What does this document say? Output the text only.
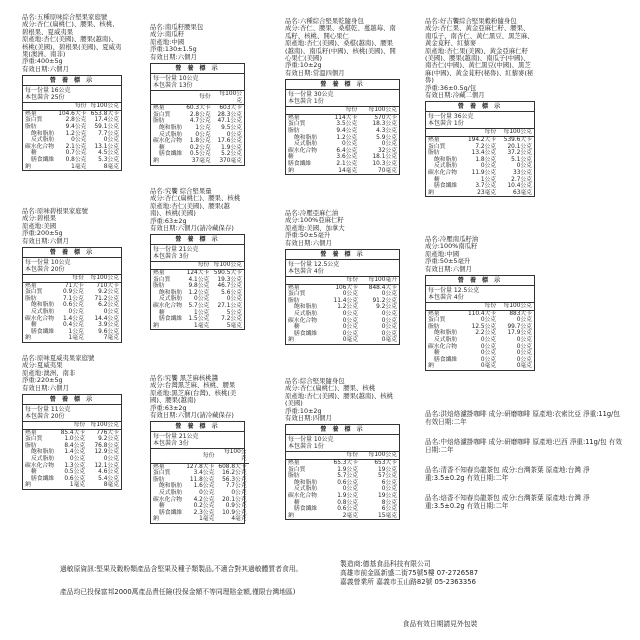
品名:五種原味綜合堅果家庭號
成分:杏仁(扁桃仁)、腰果、核桃、碧根果、夏威夷果
原產地:杏仁(美國)、腰果(越南)、核桃(美國)、碧根果(美國)、夏威夷果(澳洲、南非)
淨重:400±5g
有效日期:六個月
營 養 標 示
每一份量 16公克
本包裝含 25份
	每份	每100公克
熱量	104.6大卡	653.8大卡
蛋白質	2.8公克	17.4公克
脂肪	9.4公克	59.1公克
飽和脂肪	1.2公克	7.7公克
反式脂肪	0公克	0公克
碳水化合物	2.1公克	13.1公克
糖	0.7公克	4.5公克
膳食纖維	0.8公克	5.3公克
鈉	1毫克	8毫克
品名:南瓜籽腰果包
成分:南瓜籽
原產地:中國
淨重:130±1.5g
有效日期:六個月
營 養 標 示
每一份量 10公克
本包裝含 13份
	每份	每100公克
熱量	60.3大卡	603大卡
蛋白質	2.8公克	28.3公克
脂肪	4.7公克	47.1公克
飽和脂肪	1公克	9.5公克
反式脂肪	0公克	0公克
碳水化合物	1.8公克	17.6公克
糖	0.2公克	1.9公克
膳食纖維	0.5公克	5.2公克
鈉	37毫克	370毫克
品名:六種綜合堅果乾隨身包
成分:杏仁、腰果、桑椹乾、蔓越莓、南瓜籽、核桃、開心果仁
原產地:杏仁(美國)、桑椹(越南)、腰果(越南)、南瓜籽(中國)、核桃(美國)、開心果仁(美國)
淨重:10±2g
有效日期:常溫四個月
營 養 標 示
每一份量 30公克
本包裝含 1份
	每份	每100公克
熱量	114大卡	570大卡
蛋白質	3.5公克	18.3公克
脂肪	9.4公克	4.3公克
飽和脂肪	1.2公克	5.9公克
反式脂肪	0公克	0公克
碳水化合物	6.4公克	32公克
糖	3.6公克	18.1公克
膳食纖維	2.1公克	10.3公克
鈉	14毫克	70毫克
品名:好吉饗綜合堅果穀粉隨身包
成分:杏仁果、黃金亞麻仁籽、腰果、南瓜子、南杏仁、黃仁黑豆、黑芝麻、黃金莧籽、紅藜麥
原產地:杏仁果(美國)、黃金亞麻仁籽(美國)、腰果(越南)、南瓜子(中國)、南杏仁(中國)、黃仁黑豆(中國)、黑芝麻(中國)、黃金莧籽(秘魯)、紅藜麥(秘魯)
淨重:36±0.5g/包
有效日期:冷藏二個月
營 養 標 示
每一份量 36公克
本包裝含 1份
	每份	每100公克
熱量	194.2大卡	539.6大卡
蛋白質	7.2公克	20.1公克
脂肪	13.4公克	37.2公克
飽和脂肪	1.8公克	5.1公克
反式脂肪	0公克	0公克
碳水化合物	11.9公克	33公克
糖	1公克	2.7公克
膳食纖維	3.7公克	10.4公克
鈉	23毫克	63毫克
品名:原味碧根果家庭號
成分:碧根果
原產地:美國
淨重:200±5g
有效日期:六個月
營 養 標 示
每一份量 10公克
本包裝含 20份
	每份	每100公克
熱量	71大卡	710大卡
蛋白質	0.9公克	9.2公克
脂肪	7.1公克	71.2公克
飽和脂肪	0.6公克	6.2公克
反式脂肪	0公克	0公克
碳水化合物	1.4公克	14.4公克
糖	0.4公克	3.9公克
膳食纖維	1公克	9.6公克
鈉	1毫克	7毫克
品名:究饗 綜合堅果量
成分:杏仁(扁桃仁)、腰果、核桃
原產地:杏仁(美國)、腰果(越南)、核桃(美國)
淨重:63±2g
有效日期:六個月(請冷藏保存)
營 養 標 示
每一份量 21公克
本包裝含 3份
	每份	每100公克
熱量	124大卡	590.5大卡
蛋白質	4.1公克	19.3公克
脂肪	9.8公克	46.7公克
飽和脂肪	1.2公克	5.6公克
反式脂肪	0公克	0公克
碳水化合物	5.7公克	27.1公克
糖	1公克	5公克
膳食纖維	1.5公克	7.2公克
鈉	1毫克	5毫克
品名:冷壓亞麻仁油
成分:100%亞麻仁籽
原產地:美國、加拿大
淨重:50±5毫升
有效日期:六個月
營 養 標 示
每一份量 12.5公克
本包裝含 4份
	每份	每100毫升
熱量	106大卡	848.4大卡
蛋白質	0公克	0公克
脂肪	11.4公克	91.2公克
飽和脂肪	1.2公克	9.2公克
反式脂肪	0公克	0公克
碳水化合物	0公克	0公克
糖	0公克	0公克
膳食纖維	0公克	0公克
鈉	0毫克	0毫克
品名:冷壓南瓜籽油
成分:100%南瓜籽
原產地:中國
淨重:50±5毫升
有效日期:六個月
營 養 標 示
每一份量 12.5公克
本包裝含 4份
	每份	每100公克
熱量	110.4大卡	883大卡
蛋白質	0公克	0公克
脂肪	12.5公克	99.7公克
飽和脂肪	2.2公克	17.9公克
反式脂肪	0公克	0公克
碳水化合物	0公克	0公克
糖	0公克	0公克
膳食纖維	0公克	0公克
鈉	0毫克	0毫克
品名:原味夏威夷果家庭號
成分:夏威夷果
原產地:澳洲、南非
淨重:220±5g
有效日期:六個月
營 養 標 示
每一份量 11公克
本包裝含 20份
	每份	每100公克
熱量	85.4大卡	776大卡
蛋白質	1.0公克	9.2公克
脂肪	8.4公克	76.8公克
飽和脂肪	1.4公克	12.9公克
反式脂肪	0公克	0公克
碳水化合物	1.3公克	12.1公克
糖	0.5公克	4.6公克
膳食纖維	0.6公克	5.4公克
鈉	1毫克	8毫克
品名:究饗 黑芝麻核桃醬
成分:台灣黑芝麻、核桃、腰果
原產地:黑芝麻(台灣)、核桃(美國)、腰果(越南)
淨重:63±2g
有效日期:六個月(請冷藏保存)
營 養 標 示
每一份量 21公克
本包裝含 3份
	每份	每100公克
熱量	127.8大卡	608.8大卡
蛋白質	3.4公克	16.2公克
脂肪	11.8公克	56.3公克
飽和脂肪	1.6公克	7.7公克
反式脂肪	0公克	0公克
碳水化合物	4.2公克	20.1公克
糖	0.2公克	0.9公克
膳食纖維	2.3公克	10.9公克
鈉	1毫克	4毫克
品名:綜合堅果隨身包
成分:杏仁(扁桃仁)、腰果、核桃
原產地:杏仁(美國)、腰果(越南)、核桃(美國)
淨重:10±2g
有效日期:四個月
營 養 標 示
每一份量 10公克
本包裝含 1份
	每份	每100公克
熱量	65.3大卡	653大卡
蛋白質	1.9公克	19公克
脂肪	5.7公克	57公克
飽和脂肪	0.6公克	6公克
反式脂肪	0公克	0公克
碳水化合物	1.9公克	19公克
糖	0.8公克	8公克
膳食纖維	0.6公克	6公克
鈉	2毫克	15毫克
品名:洪焙烙濾掛咖啡 成分:研磨咖啡 原產地:衣索比亞 淨重:11g/包 有效日期:二年
品名:中焙烙濾掛咖啡 成分:研磨咖啡 原產地:巴西 淨重:11g/包 有效日期:二年
品名:清香不知春烏龍茶包 成分:台灣茶葉 原產地:台灣 淨重:3.5±0.2g 有效日期:二年
品名:焙香不知春烏龍茶包 成分:台灣茶葉 原產地:台灣 淨重:3.5±0.2g 有效日期:二年
過敏原資訊:堅果及穀粉類產品含堅果及種子類製品,不適合對其過敏體質者食用。
產品均已投保富邦2000萬產品責任險(投保金額不等同理賠金額,僅限台灣地區)
製造商:德基食品科技有限公司
高雄市前金區新盛二街75號5樓 07-2726587
嘉義營業所 嘉義市玉山路82號 05-2363356
食品有效日期請見外包裝
